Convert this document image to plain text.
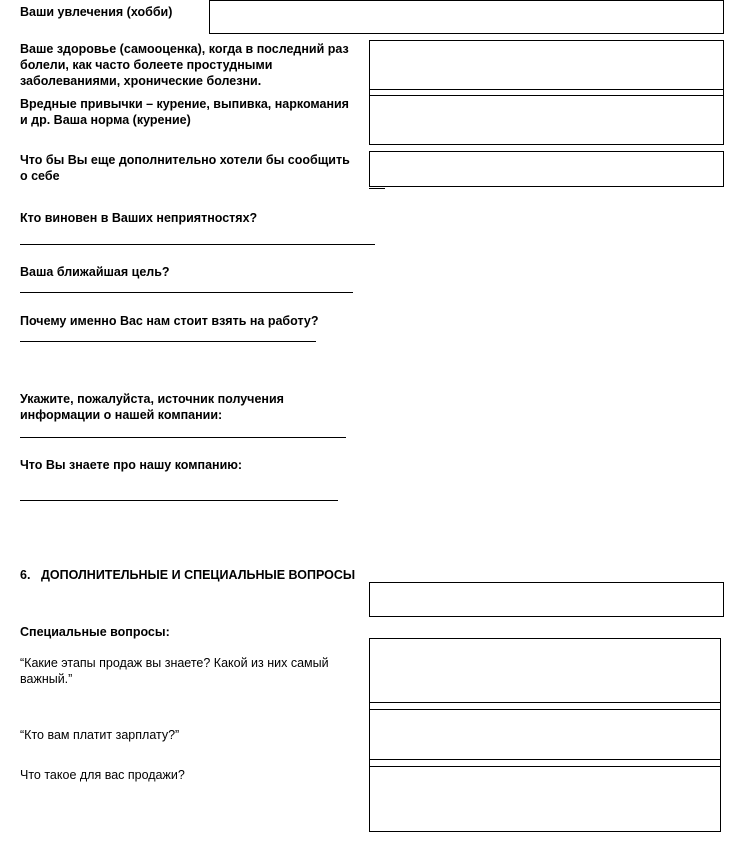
Ваши увлечения (хобби)

Ваше здоровье (самооценка), когда в последний раз болели, как часто болеете простудными заболеваниями, хронические болезни.

Вредные привычки – курение, выпивка, наркомания и др. Ваша норма (курение)

Что бы Вы еще дополнительно хотели бы сообщить о себе

Кто виновен в Ваших неприятностях?

Ваша ближайшая цель?

Почему именно Вас нам стоит взять на работу?

Укажите, пожалуйста, источник получения информации о нашей компании:

Что Вы знаете про нашу компанию:

6. ДОПОЛНИТЕЛЬНЫЕ И СПЕЦИАЛЬНЫЕ ВОПРОСЫ

Специальные вопросы:

“Какие этапы продаж вы знаете? Какой из них самый важный.”

“Кто вам платит зарплату?”

Что такое для вас продажи?
